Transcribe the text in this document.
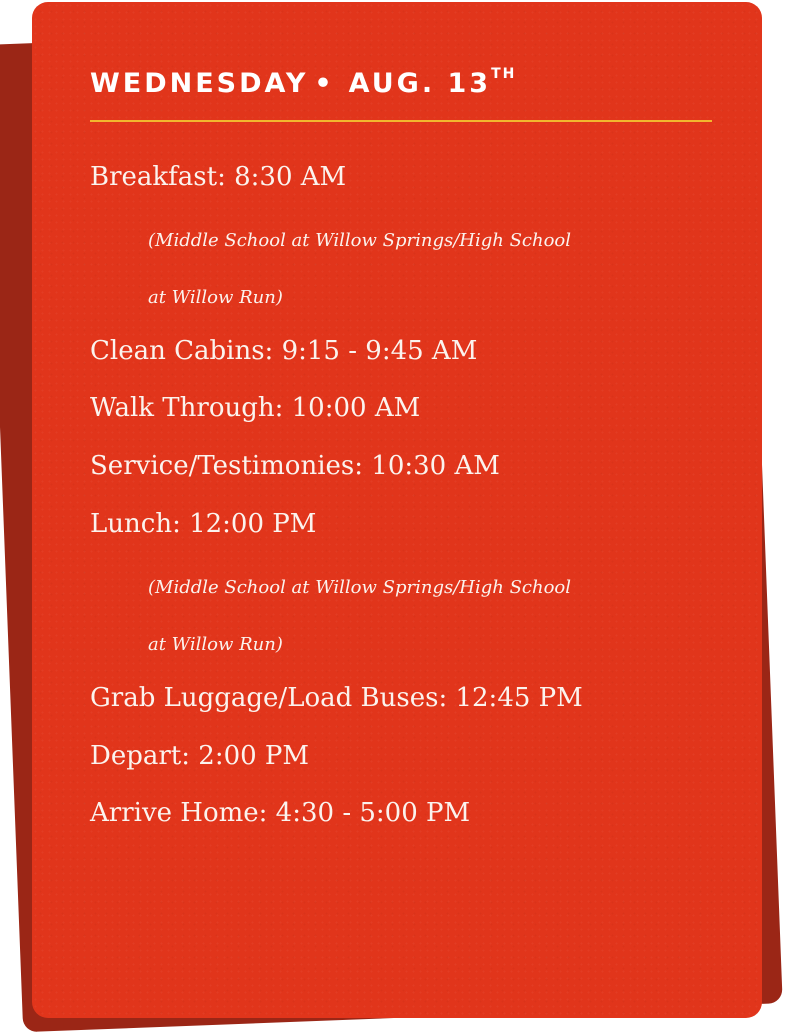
WEDNESDAY • AUG. 13TH
Breakfast: 8:30 AM
(Middle School at Willow Springs/High School
at Willow Run)
Clean Cabins: 9:15 - 9:45 AM
Walk Through: 10:00 AM
Service/Testimonies: 10:30 AM
Lunch: 12:00 PM
(Middle School at Willow Springs/High School
at Willow Run)
Grab Luggage/Load Buses: 12:45 PM
Depart: 2:00 PM
Arrive Home: 4:30 - 5:00 PM
